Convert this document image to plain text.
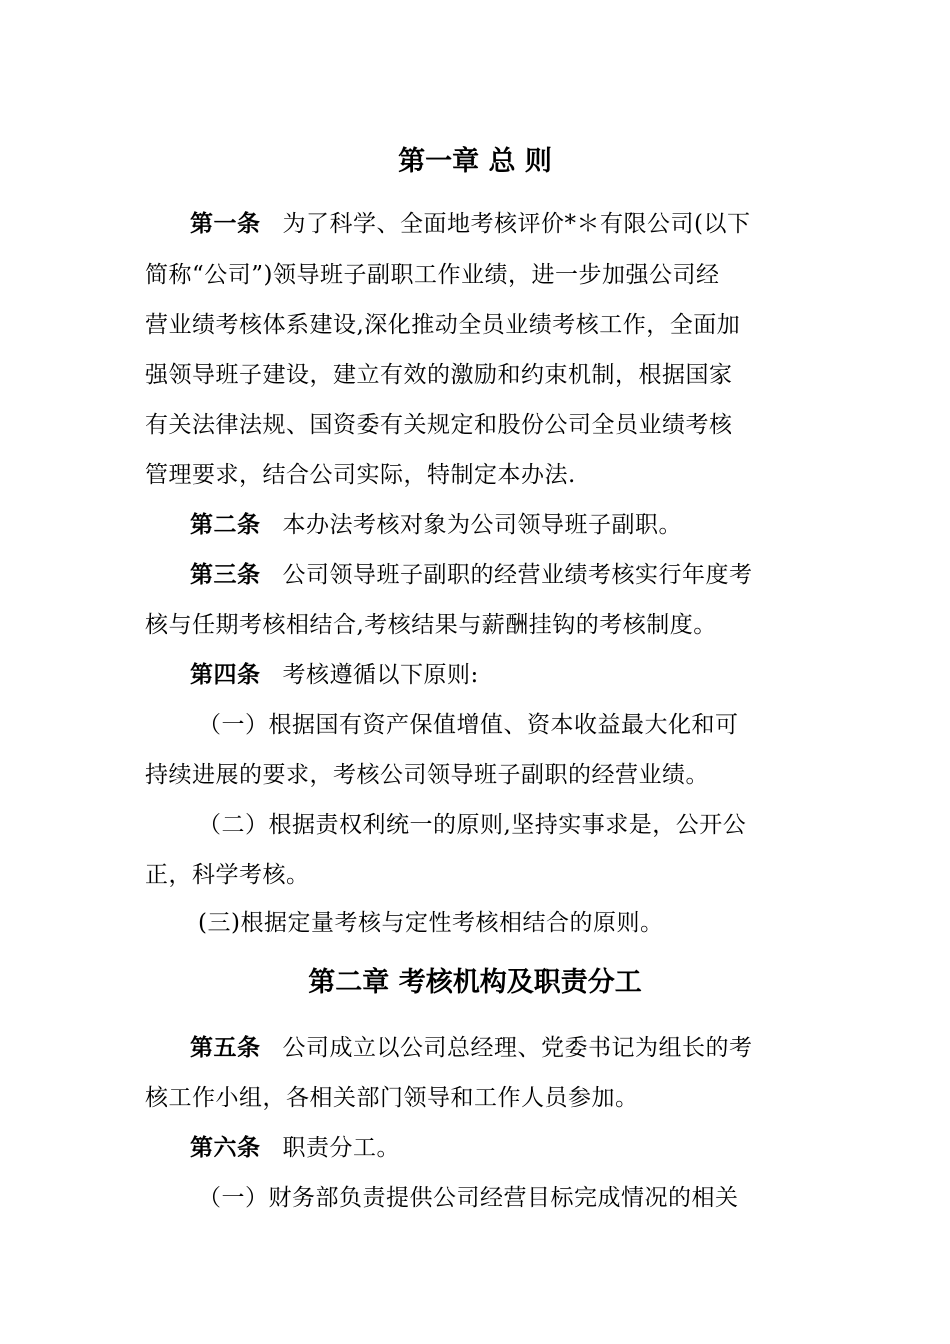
第一章 总 则
第一条 为了科学、全面地考核评价*＊有限公司(以下
简称“公司”)领导班子副职工作业绩，进一步加强公司经
营业绩考核体系建设,深化推动全员业绩考核工作，全面加
强领导班子建设，建立有效的激励和约束机制，根据国家
有关法律法规、国资委有关规定和股份公司全员业绩考核
管理要求，结合公司实际，特制定本办法.
第二条 本办法考核对象为公司领导班子副职。
第三条 公司领导班子副职的经营业绩考核实行年度考
核与任期考核相结合,考核结果与薪酬挂钩的考核制度。
第四条 考核遵循以下原则:
（一）根据国有资产保值增值、资本收益最大化和可
持续进展的要求，考核公司领导班子副职的经营业绩。
（二）根据责权利统一的原则,坚持实事求是，公开公
正，科学考核。
(三)根据定量考核与定性考核相结合的原则。
第二章 考核机构及职责分工
第五条 公司成立以公司总经理、党委书记为组长的考
核工作小组，各相关部门领导和工作人员参加。
第六条 职责分工。
（一）财务部负责提供公司经营目标完成情况的相关
